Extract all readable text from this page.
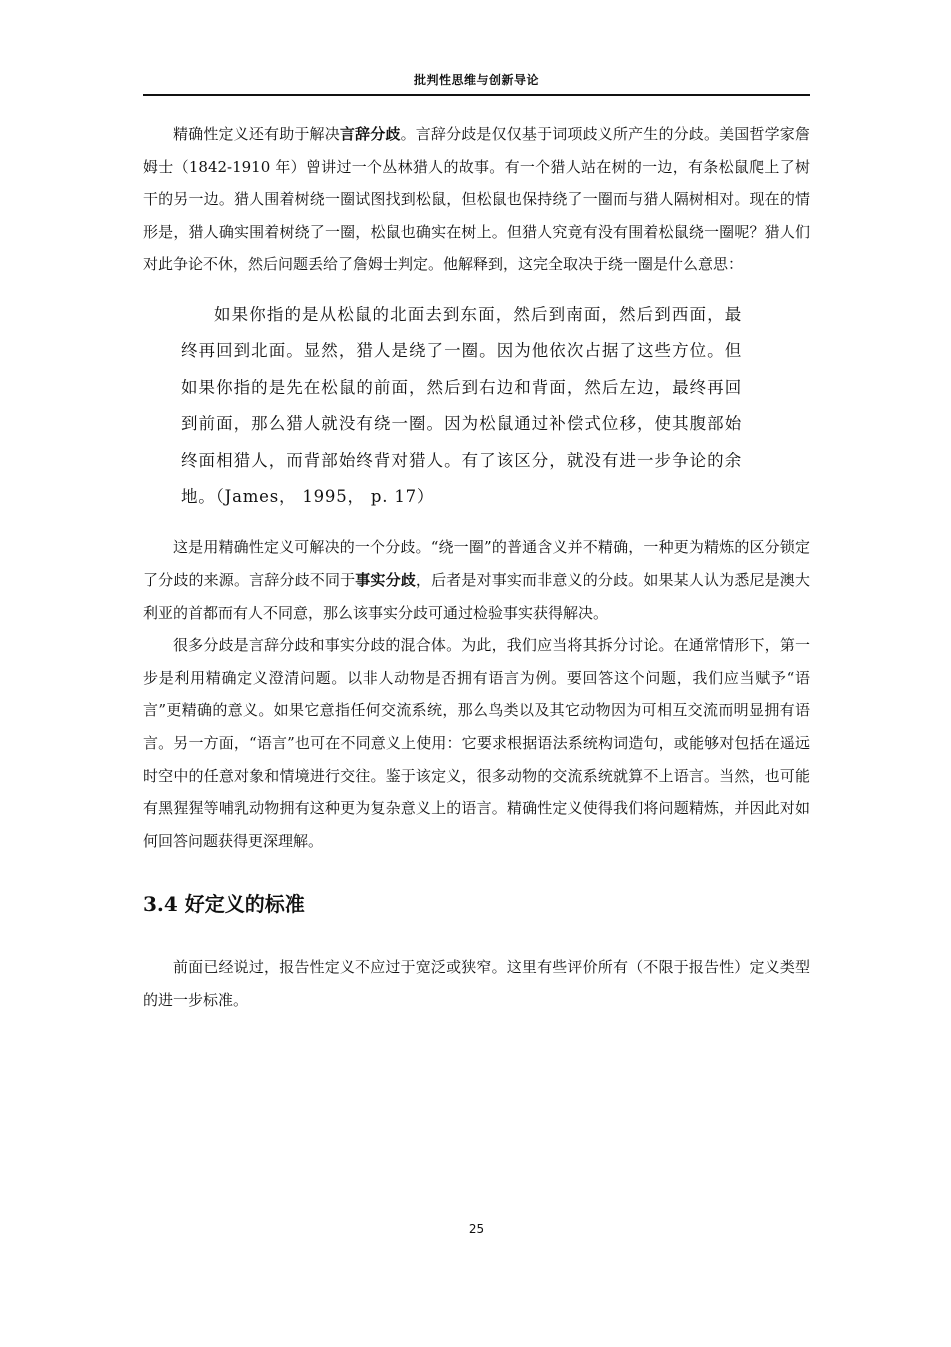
批判性思维与创新导论

精确性定义还有助于解决言辞分歧。言辞分歧是仅仅基于词项歧义所产生的分歧。美国哲学家詹姆士（1842-1910 年）曾讲过一个丛林猎人的故事。有一个猎人站在树的一边，有条松鼠爬上了树干的另一边。猎人围着树绕一圈试图找到松鼠，但松鼠也保持绕了一圈而与猎人隔树相对。现在的情形是，猎人确实围着树绕了一圈，松鼠也确实在树上。但猎人究竟有没有围着松鼠绕一圈呢？猎人们对此争论不休，然后问题丢给了詹姆士判定。他解释到，这完全取决于绕一圈是什么意思：

如果你指的是从松鼠的北面去到东面，然后到南面，然后到西面，最终再回到北面。显然，猎人是绕了一圈。因为他依次占据了这些方位。但如果你指的是先在松鼠的前面，然后到右边和背面，然后左边，最终再回到前面，那么猎人就没有绕一圈。因为松鼠通过补偿式位移，使其腹部始终面相猎人，而背部始终背对猎人。有了该区分，就没有进一步争论的余地。（James， 1995， p. 17）

这是用精确性定义可解决的一个分歧。“绕一圈”的普通含义并不精确，一种更为精炼的区分锁定了分歧的来源。言辞分歧不同于事实分歧，后者是对事实而非意义的分歧。如果某人认为悉尼是澳大利亚的首都而有人不同意，那么该事实分歧可通过检验事实获得解决。

很多分歧是言辞分歧和事实分歧的混合体。为此，我们应当将其拆分讨论。在通常情形下，第一步是利用精确定义澄清问题。以非人动物是否拥有语言为例。要回答这个问题，我们应当赋予“语言”更精确的意义。如果它意指任何交流系统，那么鸟类以及其它动物因为可相互交流而明显拥有语言。另一方面，“语言”也可在不同意义上使用：它要求根据语法系统构词造句，或能够对包括在遥远时空中的任意对象和情境进行交往。鉴于该定义，很多动物的交流系统就算不上语言。当然，也可能有黑猩猩等哺乳动物拥有这种更为复杂意义上的语言。精确性定义使得我们将问题精炼，并因此对如何回答问题获得更深理解。

3.4 好定义的标准

前面已经说过，报告性定义不应过于宽泛或狭窄。这里有些评价所有（不限于报告性）定义类型的进一步标准。

25
